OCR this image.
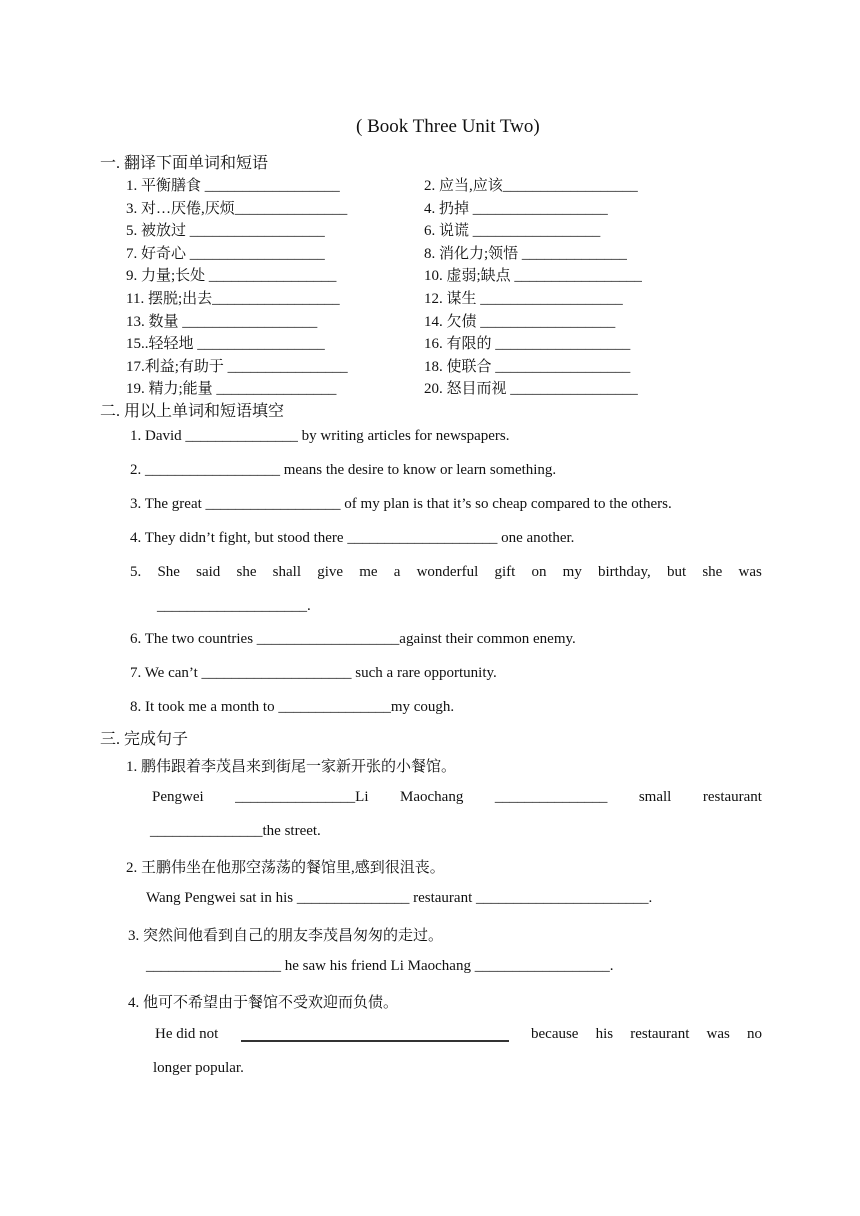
( Book Three Unit Two)
一. 翻译下面单词和短语
1. 平衡膳食 __________________
3. 对…厌倦,厌烦_______________
5. 被放过 __________________
7. 好奇心 __________________
9. 力量;长处 _________________
11. 摆脱;出去_________________
13. 数量 __________________
15..轻轻地 _________________
17.利益;有助于 ________________
19. 精力;能量 ________________
2. 应当,应该__________________
4. 扔掉 __________________
6. 说谎 _________________
8. 消化力;领悟 ______________
10. 虚弱;缺点 _________________
12. 谋生 ___________________
14. 欠债 __________________
16. 有限的 __________________
18. 使联合 __________________
20. 怒目而视 _________________
二. 用以上单词和短语填空
1. David _______________ by writing articles for newspapers.
2. __________________ means the desire to know or learn something.
3. The great __________________ of my plan is that it’s so cheap compared to the others.
4. They didn’t fight, but stood there ____________________ one another.
5. She said she shall give me a wonderful gift on my birthday, but she was
____________________.
6. The two countries ___________________against their common enemy.
7. We can’t ____________________ such a rare opportunity.
8. It took me a month to _______________my cough.
三. 完成句子
1. 鹏伟跟着李茂昌来到街尾一家新开张的小餐馆。
Pengwei ________________Li Maochang _______________ small restaurant
_______________the street.
2. 王鹏伟坐在他那空荡荡的餐馆里,感到很沮丧。
Wang Pengwei sat in his _______________ restaurant _______________________.
3. 突然间他看到自己的朋友李茂昌匆匆的走过。
__________________ he saw his friend Li Maochang __________________.
4. 他可不希望由于餐馆不受欢迎而负债。
He did not	because his restaurant was no
longer popular.
